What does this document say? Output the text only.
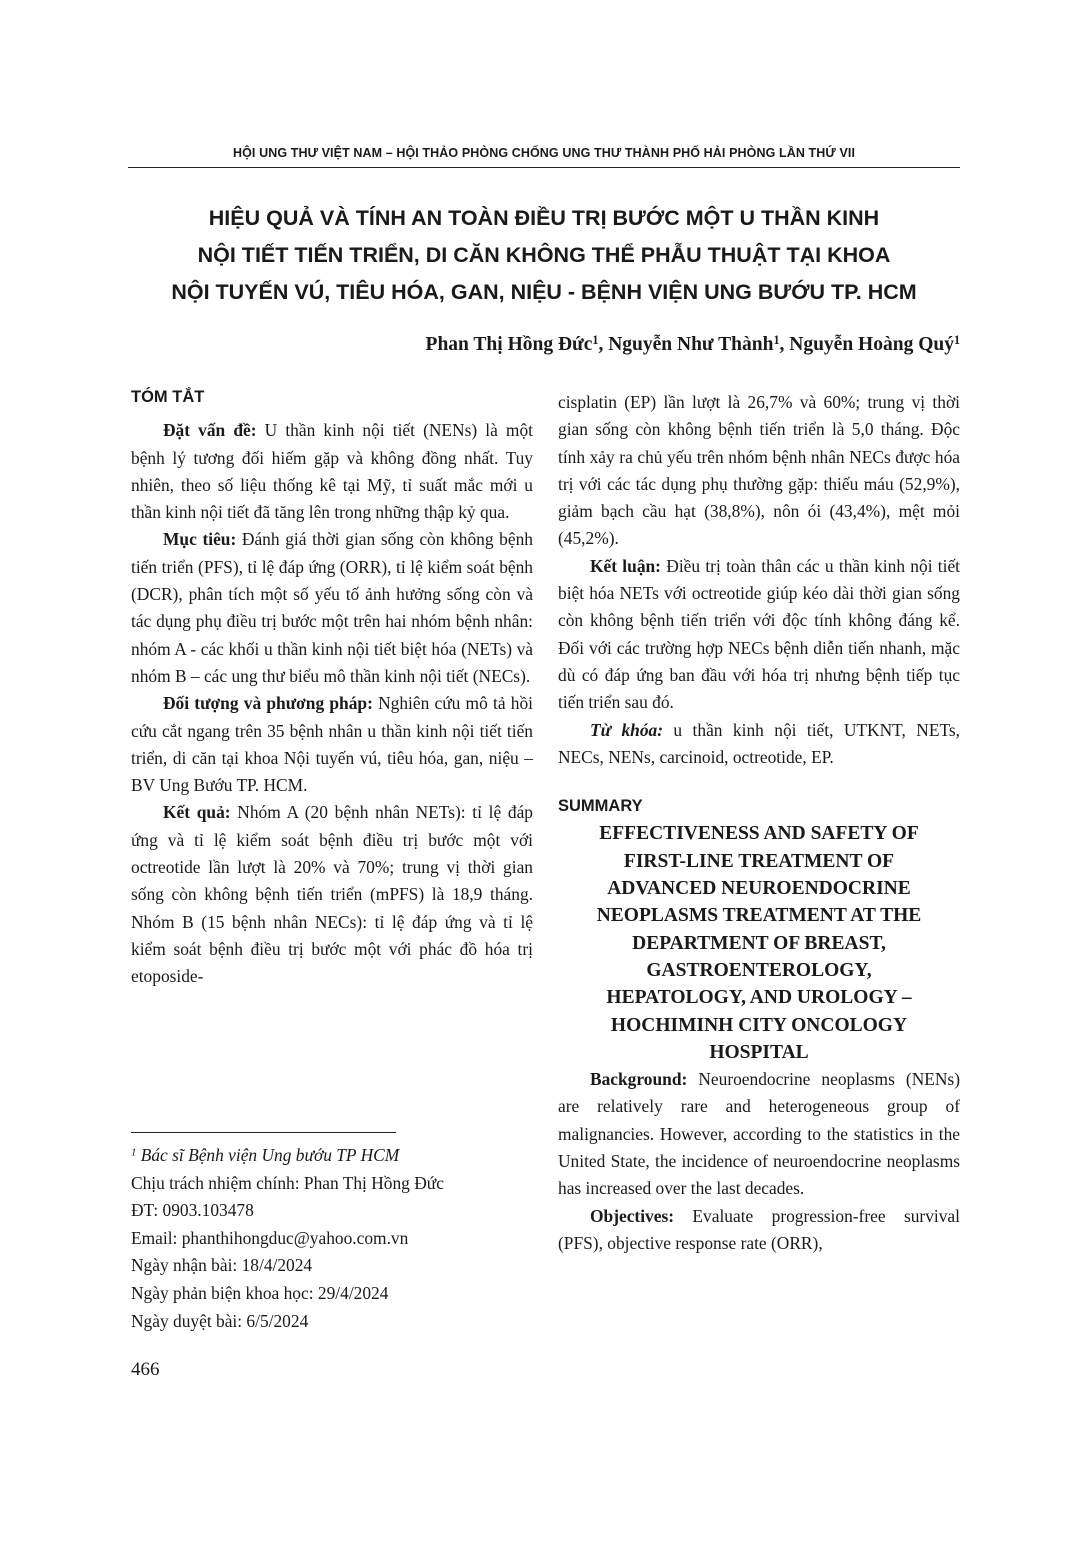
HỘI UNG THƯ VIỆT NAM – HỘI THẢO PHÒNG CHỐNG UNG THƯ THÀNH PHỐ HẢI PHÒNG LẦN THỨ VII
HIỆU QUẢ VÀ TÍNH AN TOÀN ĐIỀU TRỊ BƯỚC MỘT U THẦN KINH
NỘI TIẾT TIẾN TRIỂN, DI CĂN KHÔNG THỂ PHẪU THUẬT TẠI KHOA
NỘI TUYẾN VÚ, TIÊU HÓA, GAN, NIỆU - BỆNH VIỆN UNG BƯỚU TP. HCM
Phan Thị Hồng Đức$^1$, Nguyễn Như Thành$^1$, Nguyễn Hoàng Quý$^1$
TÓM TẮT

Đặt vấn đề: U thần kinh nội tiết (NENs) là một bệnh lý tương đối hiếm gặp và không đồng nhất. Tuy nhiên, theo số liệu thống kê tại Mỹ, tỉ suất mắc mới u thần kinh nội tiết đã tăng lên trong những thập kỷ qua.

Mục tiêu: Đánh giá thời gian sống còn không bệnh tiến triển (PFS), tỉ lệ đáp ứng (ORR), tỉ lệ kiểm soát bệnh (DCR), phân tích một số yếu tố ảnh hưởng sống còn và tác dụng phụ điều trị bước một trên hai nhóm bệnh nhân: nhóm A - các khối u thần kinh nội tiết biệt hóa (NETs) và nhóm B – các ung thư biểu mô thần kinh nội tiết (NECs).

Đối tượng và phương pháp: Nghiên cứu mô tả hồi cứu cắt ngang trên 35 bệnh nhân u thần kinh nội tiết tiến triển, di căn tại khoa Nội tuyến vú, tiêu hóa, gan, niệu – BV Ung Bướu TP. HCM.

Kết quả: Nhóm A (20 bệnh nhân NETs): tỉ lệ đáp ứng và tỉ lệ kiểm soát bệnh điều trị bước một với octreotide lần lượt là 20% và 70%; trung vị thời gian sống còn không bệnh tiến triển (mPFS) là 18,9 tháng. Nhóm B (15 bệnh nhân NECs): tỉ lệ đáp ứng và tỉ lệ kiểm soát bệnh điều trị bước một với phác đồ hóa trị etoposide-

$^1$ Bác sĩ Bệnh viện Ung bướu TP HCM
Chịu trách nhiệm chính: Phan Thị Hồng Đức
ĐT: 0903.103478
Email: phanthihongduc@yahoo.com.vn
Ngày nhận bài: 18/4/2024
Ngày phản biện khoa học: 29/4/2024
Ngày duyệt bài: 6/5/2024
466

cisplatin (EP) lần lượt là 26,7% và 60%; trung vị thời gian sống còn không bệnh tiến triển là 5,0 tháng. Độc tính xảy ra chủ yếu trên nhóm bệnh nhân NECs được hóa trị với các tác dụng phụ thường gặp: thiếu máu (52,9%), giảm bạch cầu hạt (38,8%), nôn ói (43,4%), mệt mỏi (45,2%).

Kết luận: Điều trị toàn thân các u thần kinh nội tiết biệt hóa NETs với octreotide giúp kéo dài thời gian sống còn không bệnh tiến triển với độc tính không đáng kể. Đối với các trường hợp NECs bệnh diễn tiến nhanh, mặc dù có đáp ứng ban đầu với hóa trị nhưng bệnh tiếp tục tiến triển sau đó.

Từ khóa: u thần kinh nội tiết, UTKNT, NETs, NECs, NENs, carcinoid, octreotide, EP.

SUMMARY
EFFECTIVENESS AND SAFETY OF
FIRST-LINE TREATMENT OF
ADVANCED NEUROENDOCRINE
NEOPLASMS TREATMENT AT THE
DEPARTMENT OF BREAST,
GASTROENTEROLOGY,
HEPATOLOGY, AND UROLOGY –
HOCHIMINH CITY ONCOLOGY
HOSPITAL

Background: Neuroendocrine neoplasms (NENs) are relatively rare and heterogeneous group of malignancies. However, according to the statistics in the United State, the incidence of neuroendocrine neoplasms has increased over the last decades.

Objectives: Evaluate progression-free survival (PFS), objective response rate (ORR),
